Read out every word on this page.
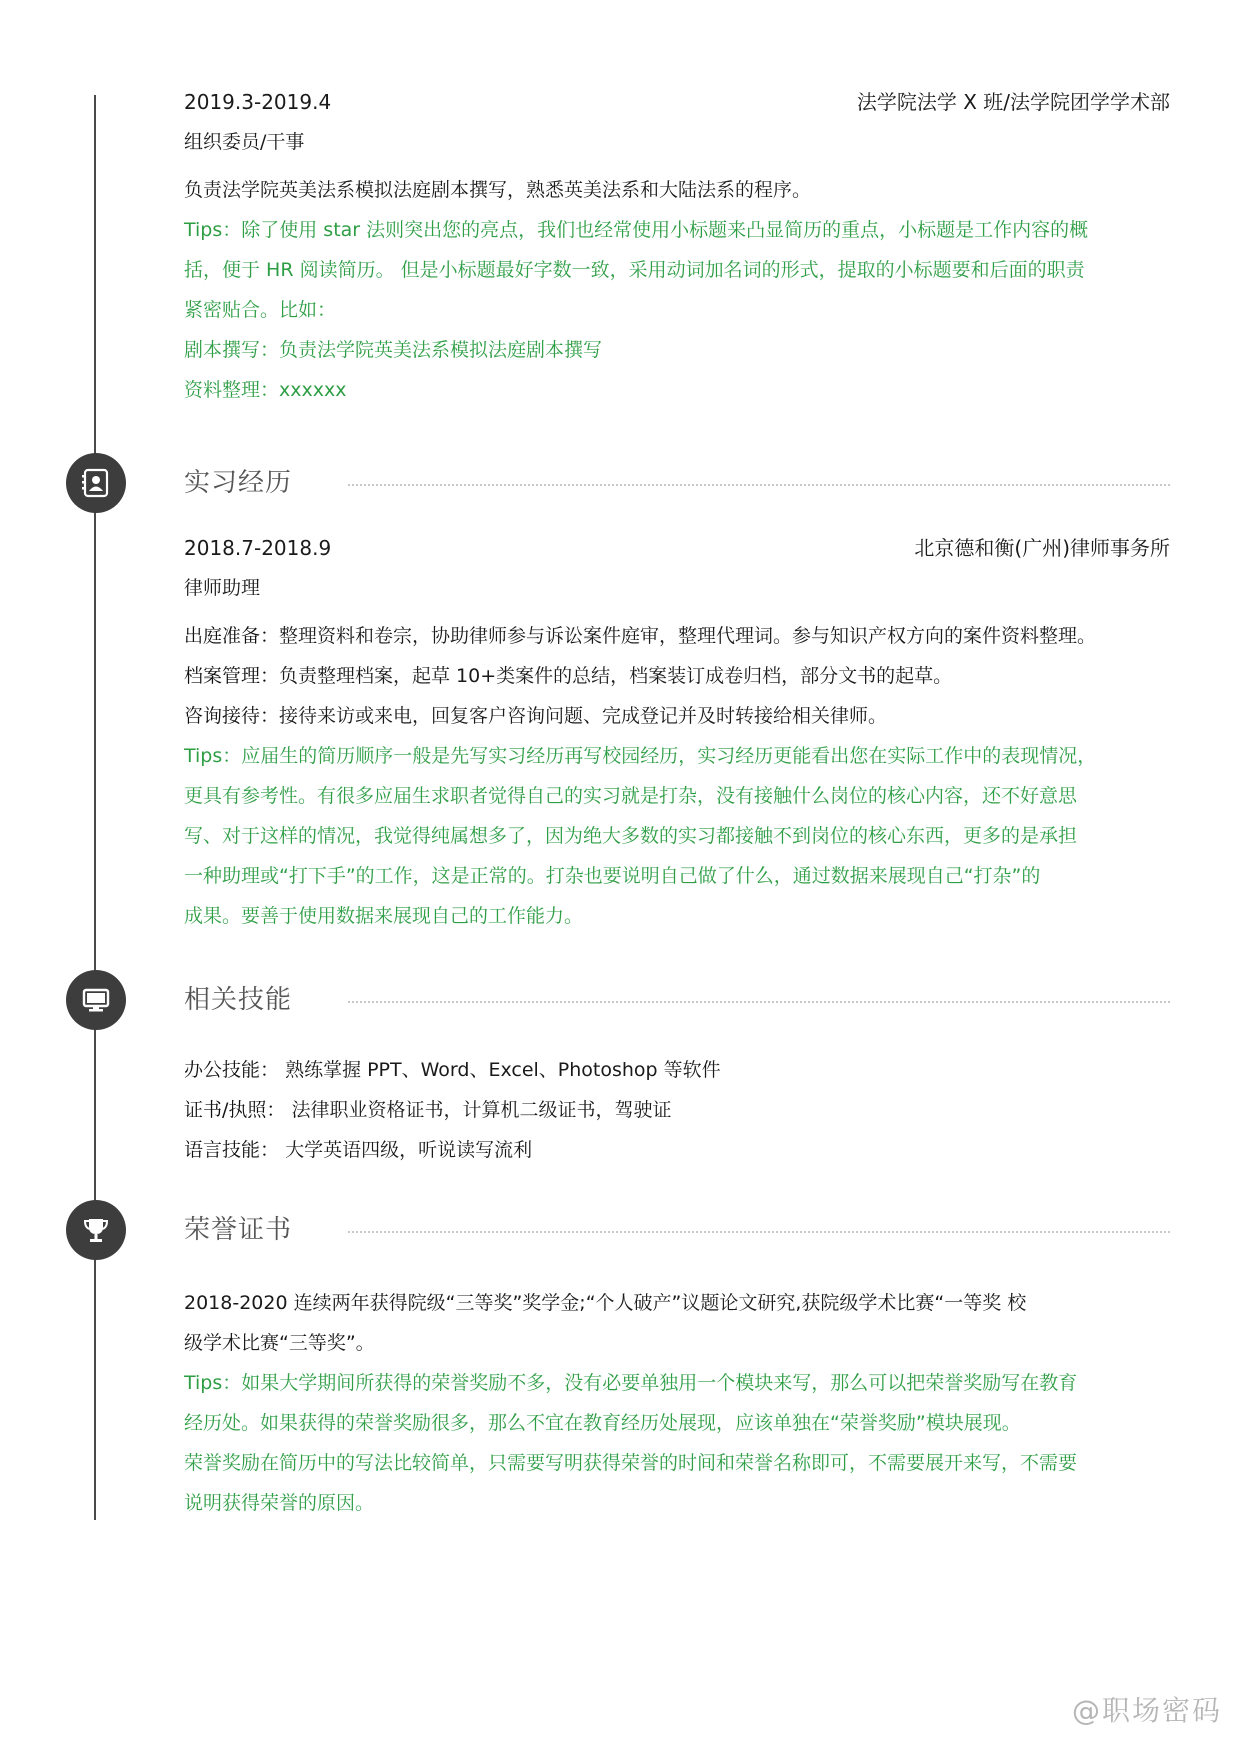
2019.3-2019.4	法学院法学 X 班/法学院团学学术部
组织委员/干事
负责法学院英美法系模拟法庭剧本撰写，熟悉英美法系和大陆法系的程序。
Tips：除了使用 star 法则突出您的亮点，我们也经常使用小标题来凸显简历的重点，小标题是工作内容的概
括，便于 HR 阅读简历。 但是小标题最好字数一致，采用动词加名词的形式，提取的小标题要和后面的职责
紧密贴合。比如：
剧本撰写：负责法学院英美法系模拟法庭剧本撰写
资料整理：xxxxxx
实习经历
2018.7-2018.9	北京德和衡(广州)律师事务所
律师助理
出庭准备：整理资料和卷宗，协助律师参与诉讼案件庭审，整理代理词。参与知识产权方向的案件资料整理。
档案管理：负责整理档案，起草 10+类案件的总结，档案装订成卷归档，部分文书的起草。
咨询接待：接待来访或来电，回复客户咨询问题、完成登记并及时转接给相关律师。
Tips：应届生的简历顺序一般是先写实习经历再写校园经历，实习经历更能看出您在实际工作中的表现情况，
更具有参考性。有很多应届生求职者觉得自己的实习就是打杂，没有接触什么岗位的核心内容，还不好意思
写、对于这样的情况，我觉得纯属想多了，因为绝大多数的实习都接触不到岗位的核心东西，更多的是承担
一种助理或“打下手”的工作，这是正常的。打杂也要说明自己做了什么，通过数据来展现自己“打杂”的
成果。要善于使用数据来展现自己的工作能力。
相关技能
办公技能： 熟练掌握 PPT、Word、Excel、Photoshop 等软件
证书/执照： 法律职业资格证书，计算机二级证书，驾驶证
语言技能： 大学英语四级，听说读写流利
荣誉证书
2018-2020 连续两年获得院级“三等奖”奖学金;“个人破产”议题论文研究,获院级学术比赛“一等奖 校
级学术比赛“三等奖”。
Tips：如果大学期间所获得的荣誉奖励不多，没有必要单独用一个模块来写，那么可以把荣誉奖励写在教育
经历处。如果获得的荣誉奖励很多，那么不宜在教育经历处展现，应该单独在“荣誉奖励”模块展现。
荣誉奖励在简历中的写法比较简单，只需要写明获得荣誉的时间和荣誉名称即可，不需要展开来写，不需要
说明获得荣誉的原因。
@职场密码
